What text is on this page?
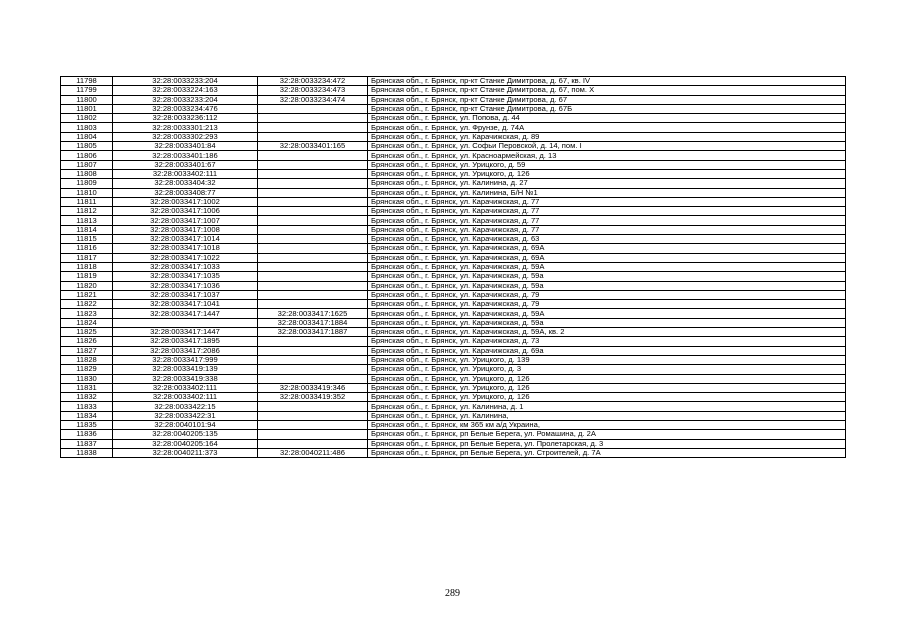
11798	32:28:0033233:204	32:28:0033234:472	Брянская обл., г. Брянск, пр-кт Станке Димитрова, д. 67, кв. IV
11799	32:28:0033224:163	32:28:0033234:473	Брянская обл., г. Брянск, пр-кт Станке Димитрова, д. 67, пом. Х
11800	32:28:0033233:204	32:28:0033234:474	Брянская обл., г. Брянск, пр-кт Станке Димитрова, д. 67
11801	32:28:0033234:476		Брянская обл., г. Брянск, пр-кт Станке Димитрова, д. 67Б
11802	32:28:0033236:112		Брянская обл., г. Брянск, ул. Попова, д. 44
11803	32:28:0033301:213		Брянская обл., г. Брянск, ул. Фрунзе, д. 74А
11804	32:28:0033302:293		Брянская обл., г. Брянск, ул. Карачижская, д. 89
11805	32:28:0033401:84	32:28:0033401:165	Брянская обл., г. Брянск, ул. Софьи Перовской, д. 14, пом. I
11806	32:28:0033401:186		Брянская обл., г. Брянск, ул. Красноармейская, д. 13
11807	32:28:0033401:67		Брянская обл., г. Брянск, ул. Урицкого, д. 59
11808	32:28:0033402:111		Брянская обл., г. Брянск, ул. Урицкого, д. 126
11809	32:28:0033404:32		Брянская обл., г. Брянск, ул. Калинина, д. 27
11810	32:28:0033408:77		Брянская обл., г. Брянск, ул. Калинина, Б/Н №1
11811	32:28:0033417:1002		Брянская обл., г. Брянск, ул. Карачижская, д. 77
11812	32:28:0033417:1006		Брянская обл., г. Брянск, ул. Карачижская, д. 77
11813	32:28:0033417:1007		Брянская обл., г. Брянск, ул. Карачижская, д. 77
11814	32:28:0033417:1008		Брянская обл., г. Брянск, ул. Карачижская, д. 77
11815	32:28:0033417:1014		Брянская обл., г. Брянск, ул. Карачижская, д. 63
11816	32:28:0033417:1018		Брянская обл., г. Брянск, ул. Карачижская, д. 69А
11817	32:28:0033417:1022		Брянская обл., г. Брянск, ул. Карачижская, д. 69А
11818	32:28:0033417:1033		Брянская обл., г. Брянск, ул. Карачижская, д. 59А
11819	32:28:0033417:1035		Брянская обл., г. Брянск, ул. Карачижская, д. 59а
11820	32:28:0033417:1036		Брянская обл., г. Брянск, ул. Карачижская, д. 59а
11821	32:28:0033417:1037		Брянская обл., г. Брянск, ул. Карачижская, д. 79
11822	32:28:0033417:1041		Брянская обл., г. Брянск, ул. Карачижская, д. 79
11823	32:28:0033417:1447	32:28:0033417:1625	Брянская обл., г. Брянск, ул. Карачижская, д. 59А
11824		32:28:0033417:1884	Брянская обл., г. Брянск, ул. Карачижская, д. 59а
11825	32:28:0033417:1447	32:28:0033417:1887	Брянская обл., г. Брянск, ул. Карачижская, д. 59А, кв. 2
11826	32:28:0033417:1895		Брянская обл., г. Брянск, ул. Карачижская, д. 73
11827	32:28:0033417:2086		Брянская обл., г. Брянск, ул. Карачижская, д. 69а
11828	32:28:0033417:999		Брянская обл., г. Брянск, ул. Урицкого, д. 139
11829	32:28:0033419:139		Брянская обл., г. Брянск, ул. Урицкого, д. 3
11830	32:28:0033419:338		Брянская обл., г. Брянск, ул. Урицкого, д. 126
11831	32:28:0033402:111	32:28:0033419:346	Брянская обл., г. Брянск, ул. Урицкого, д. 126
11832	32:28:0033402:111	32:28:0033419:352	Брянская обл., г. Брянск, ул. Урицкого, д. 126
11833	32:28:0033422:15		Брянская обл., г. Брянск, ул. Калинина, д. 1
11834	32:28:0033422:31		Брянская обл., г. Брянск, ул. Калинина,
11835	32:28:0040101:94		Брянская обл., г. Брянск, км 365 км а/д Украина,
11836	32:28:0040205:135		Брянская обл., г. Брянск, рп Белые Берега, ул. Ромашина, д. 2А
11837	32:28:0040205:164		Брянская обл., г. Брянск, рп Белые Берега, ул. Пролетарская, д. 3
11838	32:28:0040211:373	32:28:0040211:486	Брянская обл., г. Брянск, рп Белые Берега, ул. Строителей, д. 7А
289
